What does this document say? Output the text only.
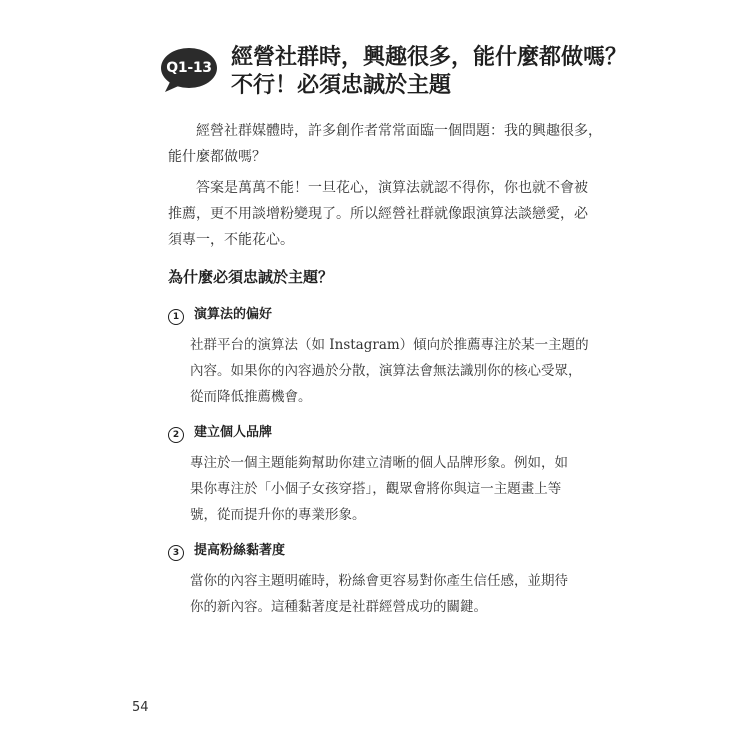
Q1-13 經營社群時，興趣很多，能什麼都做嗎？
不行！必須忠誠於主題

經營社群媒體時，許多創作者常常面臨一個問題：我的興趣很多，
能什麼都做嗎？

答案是萬萬不能！一旦花心，演算法就認不得你，你也就不會被
推薦，更不用談增粉變現了。所以經營社群就像跟演算法談戀愛，必
須專一，不能花心。

為什麼必須忠誠於主題？
1 演算法的偏好

社群平台的演算法（如 Instagram）傾向於推薦專注於某一主題的
內容。如果你的內容過於分散，演算法會無法識別你的核心受眾，
從而降低推薦機會。

2 建立個人品牌

專注於一個主題能夠幫助你建立清晰的個人品牌形象。例如，如
果你專注於「小個子女孩穿搭」，觀眾會將你與這一主題畫上等
號，從而提升你的專業形象。

3 提高粉絲黏著度

當你的內容主題明確時，粉絲會更容易對你產生信任感，並期待
你的新內容。這種黏著度是社群經營成功的關鍵。

54
